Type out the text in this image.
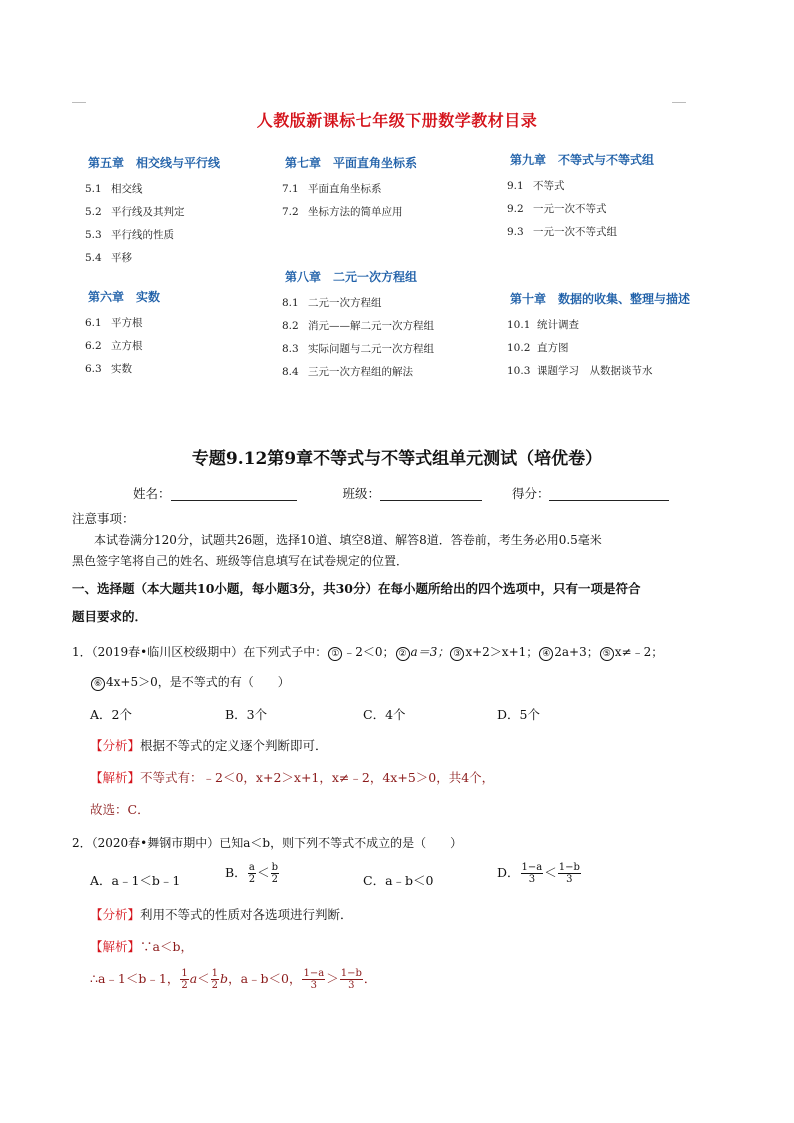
人教版新课标七年级下册数学教材目录
第五章　相交线与平行线
5.1 相交线
5.2 平行线及其判定
5.3 平行线的性质
5.4 平移
第六章　实数
6.1 平方根
6.2 立方根
6.3 实数
第七章　平面直角坐标系
7.1 平面直角坐标系
7.2 坐标方法的简单应用
第八章　二元一次方程组
8.1 二元一次方程组
8.2 消元——解二元一次方程组
8.3 实际问题与二元一次方程组
8.4 三元一次方程组的解法
第九章　不等式与不等式组
9.1 不等式
9.2 一元一次不等式
9.3 一元一次不等式组
第十章　数据的收集、整理与描述
10.1 统计调查
10.2 直方图
10.3 课题学习　从数据谈节水
专题9.12第9章不等式与不等式组单元测试（培优卷）
姓名：	班级：	得分：
注意事项：
本试卷满分120分，试题共26题，选择10道、填空8道、解答8道．答卷前，考生务必用0.5毫米
黑色签字笔将自己的姓名、班级等信息填写在试卷规定的位置．
一、选择题（本大题共10小题，每小题3分，共30分）在每小题所给出的四个选项中，只有一项是符合
题目要求的．
1．（2019春•临川区校级期中）在下列式子中： ① ﹣2＜0； ② a＝3； ③ x+2＞x+1； ④ 2a+3； ⑤ x≠﹣2；
⑥ 4x+5＞0，是不等式的有（　　）
A．2个	B．3个	C．4个	D．5个
【分析】根据不等式的定义逐个判断即可．
【解析】不等式有：﹣2＜0，x+2＞x+1，x≠﹣2，4x+5＞0，共4个，
故选：C．
2．（2020春•舞钢市期中）已知a＜b，则下列不等式不成立的是（　　）
A．a﹣1＜b﹣1
B． $\frac{a}{2} < \frac{b}{2}$	C．a﹣b＜0
D． $\frac{1-a}{3} < \frac{1-b}{3}$
【分析】利用不等式的性质对各选项进行判断．
【解析】∵a＜b，
∴a﹣1＜b﹣1， $\frac{1}{2} a< \frac{1}{2}$ b，a﹣b＜0， $\frac{1-a}{3} > \frac{1-b}{3}$ ．
